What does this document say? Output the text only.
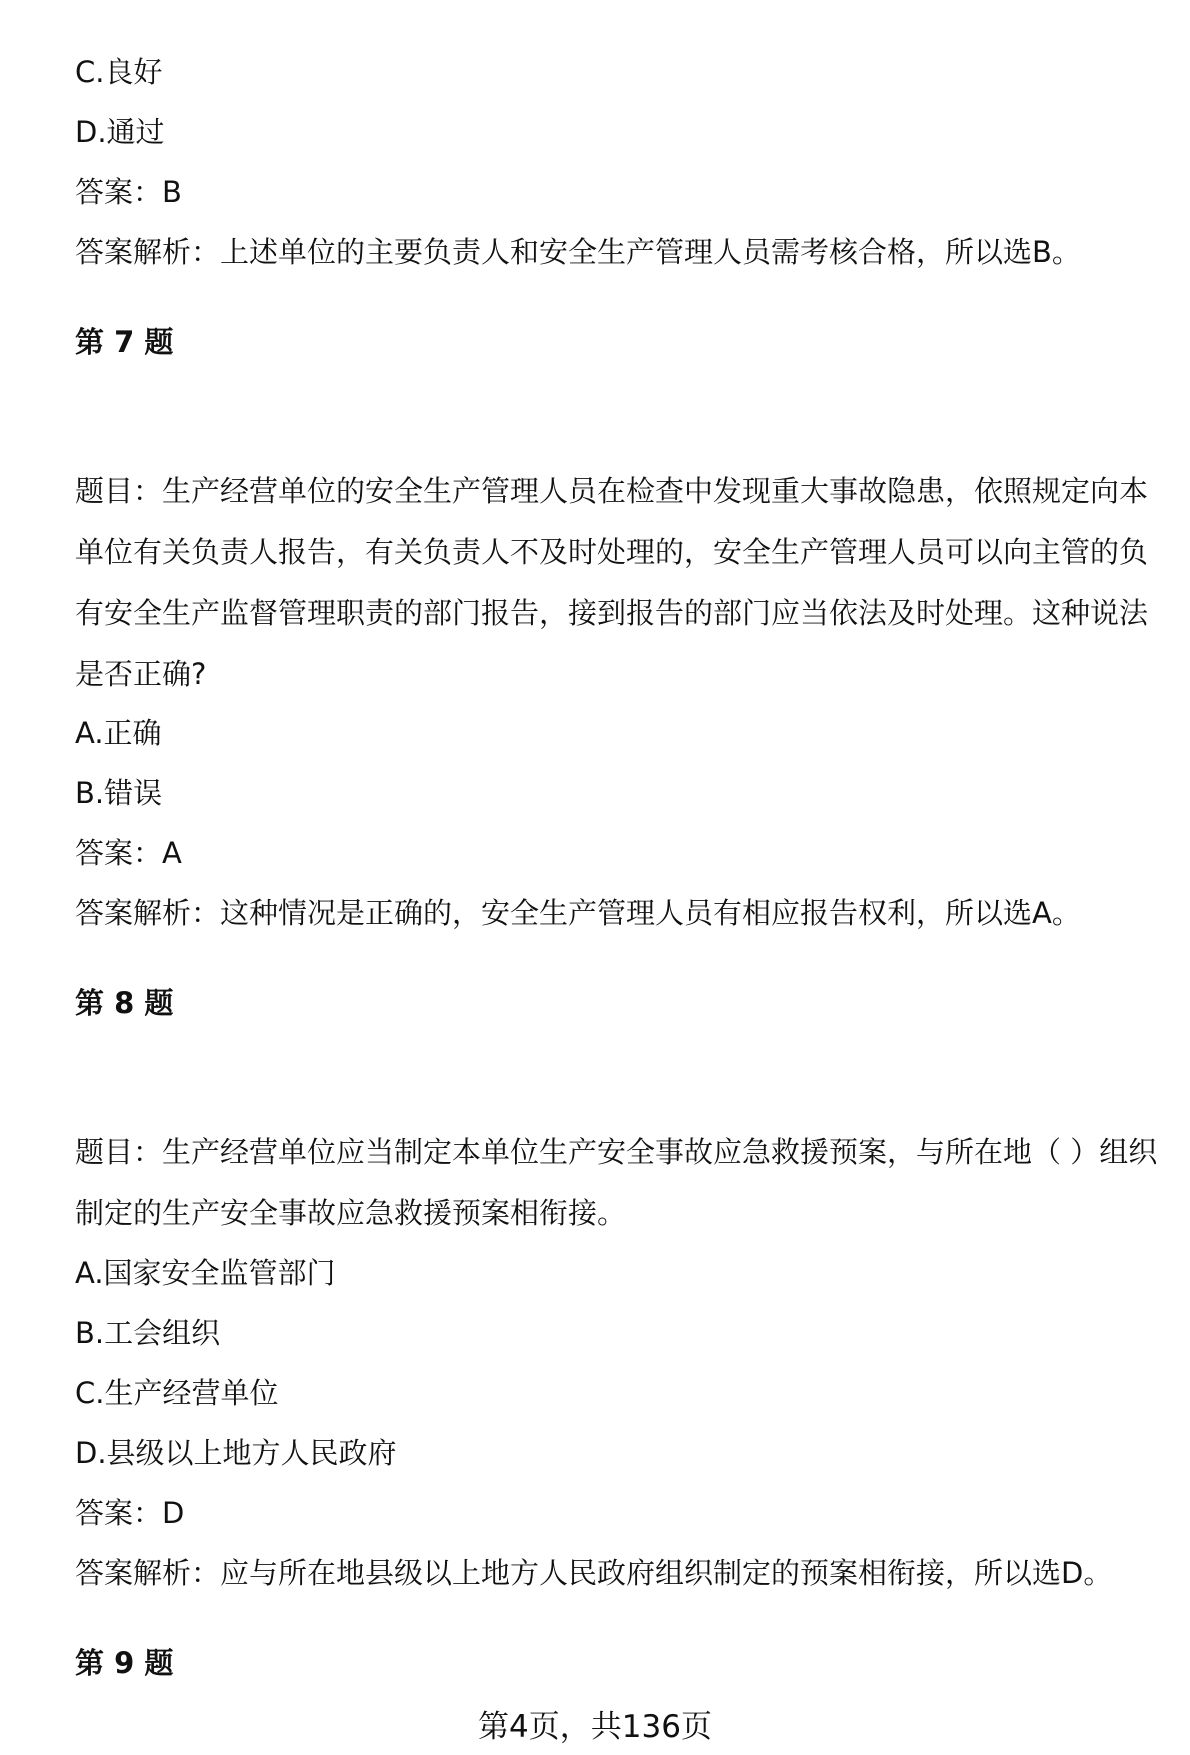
C.良好
D.通过
答案：B
答案解析：上述单位的主要负责人和安全生产管理人员需考核合格，所以选B。
第 7 题
题目：生产经营单位的安全生产管理人员在检查中发现重大事故隐患，依照规定向本单位有关负责人报告，有关负责人不及时处理的，安全生产管理人员可以向主管的负有安全生产监督管理职责的部门报告，接到报告的部门应当依法及时处理。这种说法是否正确?
A.正确
B.错误
答案：A
答案解析：这种情况是正确的，安全生产管理人员有相应报告权利，所以选A。
第 8 题
题目：生产经营单位应当制定本单位生产安全事故应急救援预案，与所在地（ ）组织制定的生产安全事故应急救援预案相衔接。
A.国家安全监管部门
B.工会组织
C.生产经营单位
D.县级以上地方人民政府
答案：D
答案解析：应与所在地县级以上地方人民政府组织制定的预案相衔接，所以选D。
第 9 题
第4页，共136页
